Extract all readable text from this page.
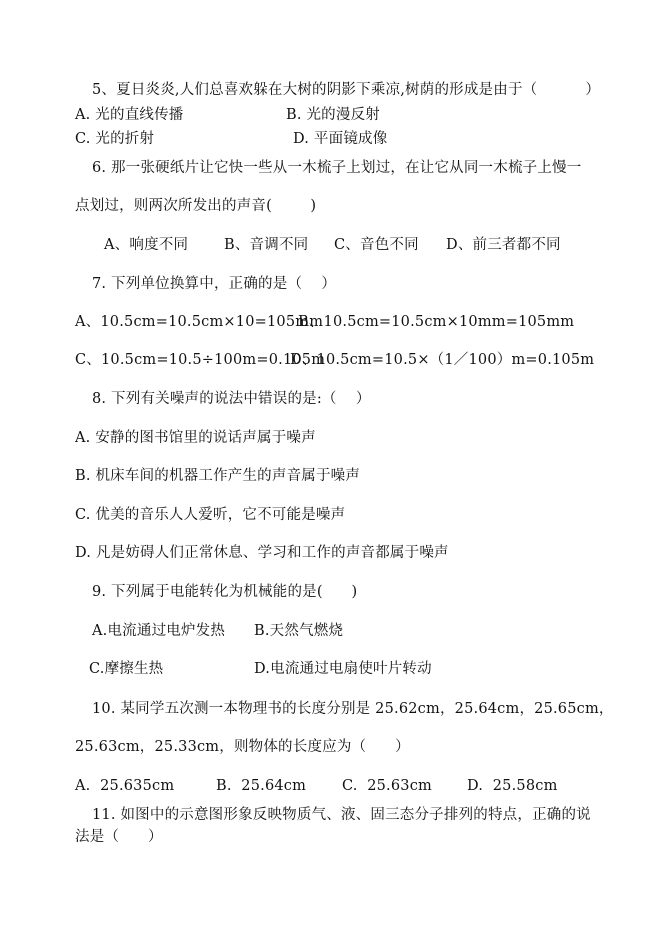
5、夏日炎炎,人们总喜欢躲在大树的阴影下乘凉,树荫的形成是由于（          ）
A. 光的直线传播	B. 光的漫反射
C. 光的折射	D. 平面镜成像
6. 那一张硬纸片让它快一些从一木梳子上划过，在让它从同一木梳子上慢一
点划过，则两次所发出的声音(        )
A、响度不同 B、音调不同 C、音色不同 D、前三者都不同
7. 下列单位换算中，正确的是（    ）
A、10.5cm=10.5cm×10=105mm
B、10.5cm=10.5cm×10mm=105mm
C、10.5cm=10.5÷100m=0.105m
D、10.5cm=10.5×（1／100）m=0.105m
8. 下列有关噪声的说法中错误的是:（    ）
A. 安静的图书馆里的说话声属于噪声
B. 机床车间的机器工作产生的声音属于噪声
C. 优美的音乐人人爱听，它不可能是噪声
D. 凡是妨碍人们正常休息、学习和工作的声音都属于噪声
9. 下列属于电能转化为机械能的是(      )
A.电流通过电炉发热 B.天然气燃烧
C.摩擦生热	D.电流通过电扇使叶片转动
10. 某同学五次测一本物理书的长度分别是 25.62cm，25.64cm，25.65cm，
25.63cm，25.33cm，则物体的长度应为（      ）
A.  25.635cm	B.  25.64cm C.  25.63cm D.  25.58cm
11. 如图中的示意图形象反映物质气、液、固三态分子排列的特点，正确的说
法是（      ）
